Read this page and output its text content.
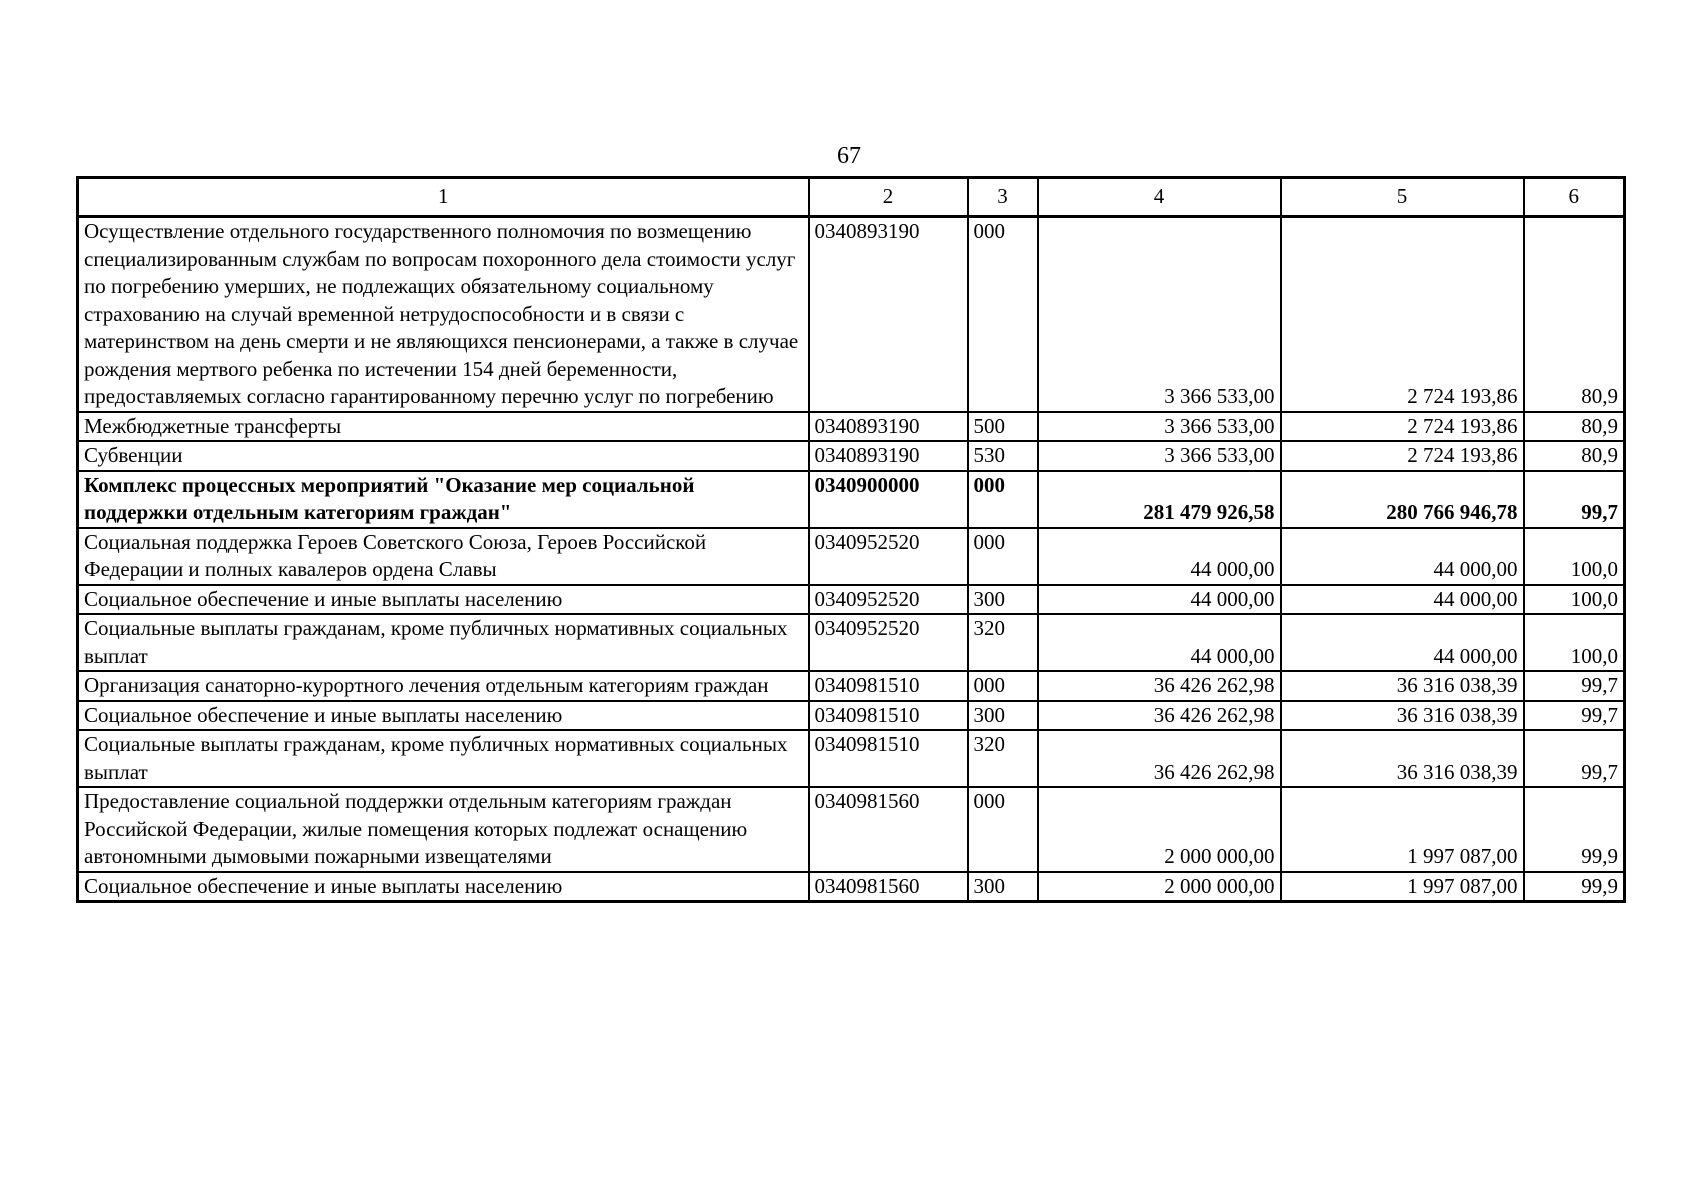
67
1	2	3	4	5	6
Осуществление отдельного государственного полномочия по возмещению специализированным службам по вопросам похоронного дела стоимости услуг по погребению умерших, не подлежащих обязательному социальному страхованию на случай временной нетрудоспособности и в связи с материнством на день смерти и не являющихся пенсионерами, а также в случае рождения мертвого ребенка по истечении 154 дней беременности, предоставляемых согласно гарантированному перечню услуг по погребению	0340893190	000	3 366 533,00	2 724 193,86	80,9
Межбюджетные трансферты	0340893190	500	3 366 533,00	2 724 193,86	80,9
Субвенции	0340893190	530	3 366 533,00	2 724 193,86	80,9
Комплекс процессных мероприятий "Оказание мер социальной поддержки отдельным категориям граждан"	0340900000	000	281 479 926,58	280 766 946,78	99,7
Социальная поддержка Героев Советского Союза, Героев Российской Федерации и полных кавалеров ордена Славы	0340952520	000	44 000,00	44 000,00	100,0
Социальное обеспечение и иные выплаты населению	0340952520	300	44 000,00	44 000,00	100,0
Социальные выплаты гражданам, кроме публичных нормативных социальных выплат	0340952520	320	44 000,00	44 000,00	100,0
Организация санаторно-курортного лечения отдельным категориям граждан	0340981510	000	36 426 262,98	36 316 038,39	99,7
Социальное обеспечение и иные выплаты населению	0340981510	300	36 426 262,98	36 316 038,39	99,7
Социальные выплаты гражданам, кроме публичных нормативных социальных выплат	0340981510	320	36 426 262,98	36 316 038,39	99,7
Предоставление социальной поддержки отдельным категориям граждан Российской Федерации, жилые помещения которых подлежат оснащению автономными дымовыми пожарными извещателями	0340981560	000	2 000 000,00	1 997 087,00	99,9
Социальное обеспечение и иные выплаты населению	0340981560	300	2 000 000,00	1 997 087,00	99,9
